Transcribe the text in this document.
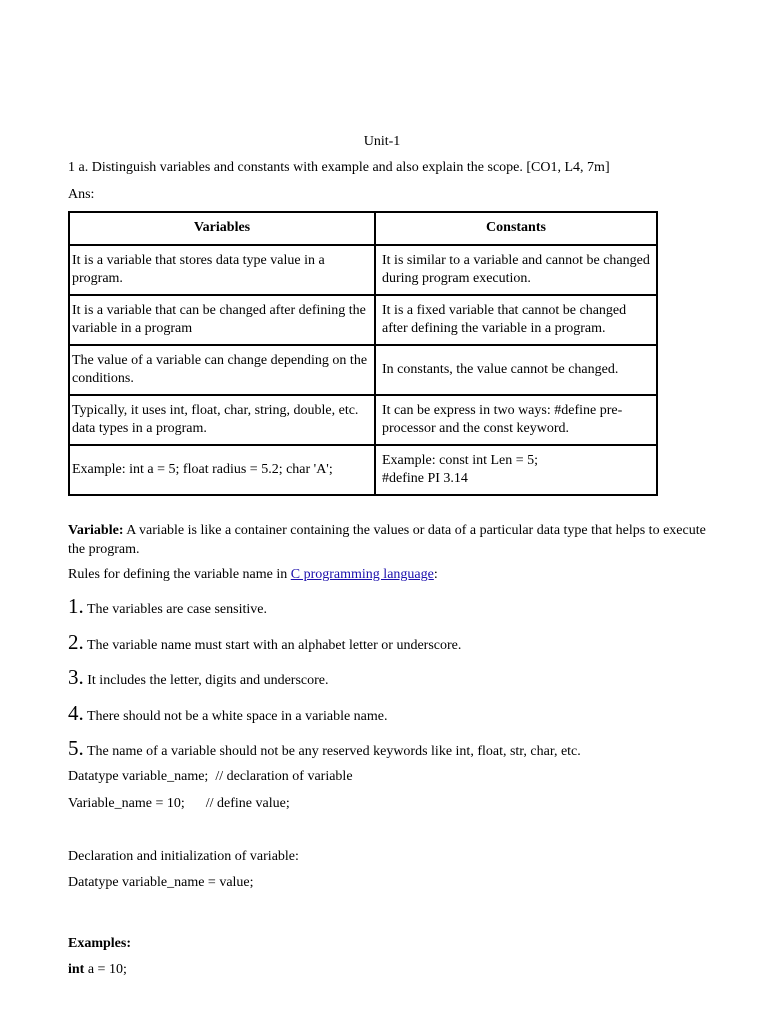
Unit-1
1 a. Distinguish variables and constants with example and also explain the scope. [CO1, L4, 7m]
Ans:
Variables	Constants
It is a variable that stores data type value in a program.	It is similar to a variable and cannot be changed during program execution.
It is a variable that can be changed after defining the variable in a program	It is a fixed variable that cannot be changed after defining the variable in a program.
The value of a variable can change depending on the conditions.	In constants, the value cannot be changed.
Typically, it uses int, float, char, string, double, etc. data types in a program.	It can be express in two ways: #define pre-processor and the const keyword.
Example: int a = 5; float radius = 5.2; char 'A';	Example: const int Len = 5;
#define PI 3.14
Variable: A variable is like a container containing the values or data of a particular data type that helps to execute the program.
Rules for defining the variable name in C programming language:
1. The variables are case sensitive.
2. The variable name must start with an alphabet letter or underscore.
3. It includes the letter, digits and underscore.
4. There should not be a white space in a variable name.
5. The name of a variable should not be any reserved keywords like int, float, str, char, etc.
Datatype variable_name;  // declaration of variable
Variable_name = 10;      // define value;
Declaration and initialization of variable:
Datatype variable_name = value;
Examples:
int a = 10;
